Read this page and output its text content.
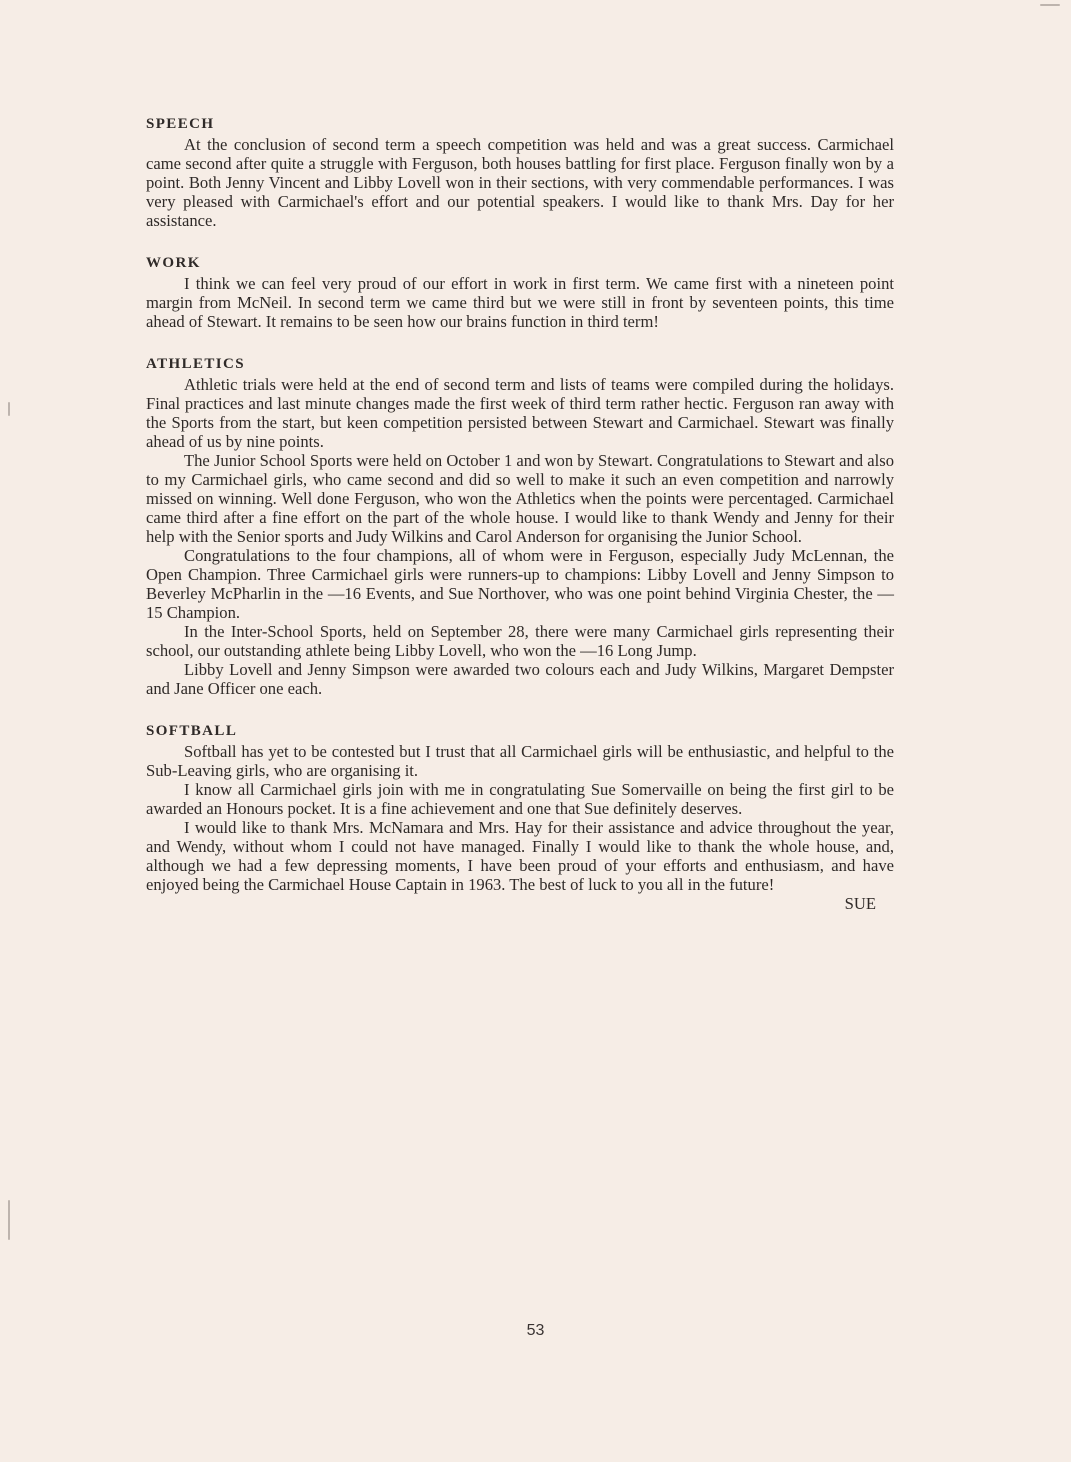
SPEECH

At the conclusion of second term a speech competition was held and was a great success. Carmichael came second after quite a struggle with Ferguson, both houses battling for first place. Ferguson finally won by a point. Both Jenny Vincent and Libby Lovell won in their sections, with very commendable performances. I was very pleased with Carmichael's effort and our potential speakers. I would like to thank Mrs. Day for her assistance.

WORK

I think we can feel very proud of our effort in work in first term. We came first with a nineteen point margin from McNeil. In second term we came third but we were still in front by seventeen points, this time ahead of Stewart. It remains to be seen how our brains function in third term!

ATHLETICS

Athletic trials were held at the end of second term and lists of teams were compiled during the holidays. Final practices and last minute changes made the first week of third term rather hectic. Ferguson ran away with the Sports from the start, but keen competition persisted between Stewart and Carmichael. Stewart was finally ahead of us by nine points.

The Junior School Sports were held on October 1 and won by Stewart. Congratulations to Stewart and also to my Carmichael girls, who came second and did so well to make it such an even competition and narrowly missed on winning. Well done Ferguson, who won the Athletics when the points were percentaged. Carmichael came third after a fine effort on the part of the whole house. I would like to thank Wendy and Jenny for their help with the Senior sports and Judy Wilkins and Carol Anderson for organising the Junior School.

Congratulations to the four champions, all of whom were in Ferguson, especially Judy McLennan, the Open Champion. Three Carmichael girls were runners-up to champions: Libby Lovell and Jenny Simpson to Beverley McPharlin in the —16 Events, and Sue Northover, who was one point behind Virginia Chester, the —15 Champion.

In the Inter-School Sports, held on September 28, there were many Carmichael girls representing their school, our outstanding athlete being Libby Lovell, who won the —16 Long Jump.

Libby Lovell and Jenny Simpson were awarded two colours each and Judy Wilkins, Margaret Dempster and Jane Officer one each.

SOFTBALL

Softball has yet to be contested but I trust that all Carmichael girls will be enthusiastic, and helpful to the Sub-Leaving girls, who are organising it.

I know all Carmichael girls join with me in congratulating Sue Somervaille on being the first girl to be awarded an Honours pocket. It is a fine achievement and one that Sue definitely deserves.

I would like to thank Mrs. McNamara and Mrs. Hay for their assistance and advice throughout the year, and Wendy, without whom I could not have managed. Finally I would like to thank the whole house, and, although we had a few depressing moments, I have been proud of your efforts and enthusiasm, and have enjoyed being the Carmichael House Captain in 1963. The best of luck to you all in the future!

SUE

53
